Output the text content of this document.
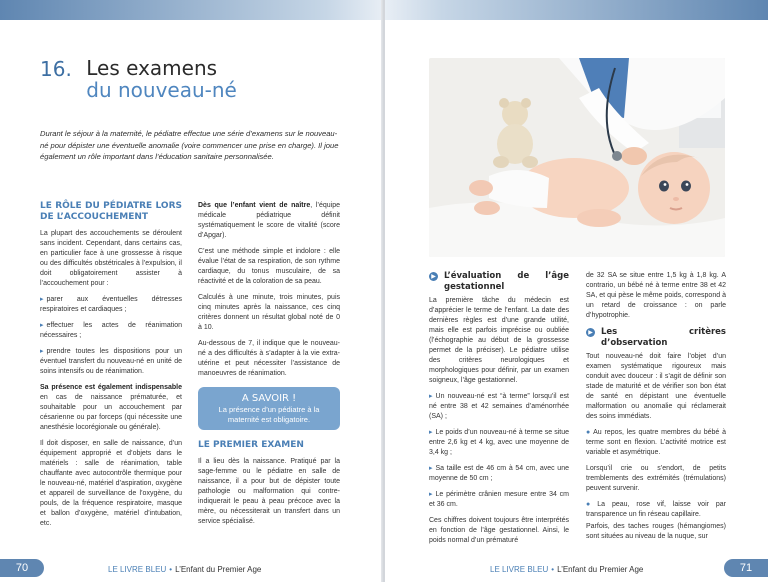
16. Les examens
du nouveau-né

Durant le séjour à la maternité, le pédiatre effectue une série d’examens sur le nouveau-né pour dépister une éventuelle anomalie (voire commencer une prise en charge). Il joue également un rôle important dans l’éducation sanitaire personnalisée.

LE RÔLE DU PÉDIATRE LORS DE L’ACCOUCHEMENT

La plupart des accouchements se déroulent sans incident. Cependant, dans certains cas, en particulier face à une grossesse à risque ou des difficultés obstétricales à l’expulsion, il doit obligatoirement assister à l’accouchement pour :

▸ parer aux éventuelles détresses respiratoires et cardiaques ;

▸ effectuer les actes de réanimation nécessaires ;

▸ prendre toutes les dispositions pour un éventuel transfert du nouveau-né en unité de soins intensifs ou de réanimation.

Sa présence est également indispensable en cas de naissance prématurée, et souhaitable pour un accouchement par césarienne ou par forceps (qui nécessite une anesthésie locorégionale ou générale).

Il doit disposer, en salle de naissance, d’un équipement approprié et d’objets dans le matériels : salle de réanimation, table chauffante avec autocontrôle thermique pour le nouveau-né, matériel d’aspiration, oxygène et appareil de surveillance de l’oxygène, du pouls, de la fréquence respiratoire, masque et ballon d’oxygène, matériel d’intubation, etc.

Dès que l’enfant vient de naître, l’équipe médicale pédiatrique définit systématiquement le score de vitalité (score d’Apgar).

C’est une méthode simple et indolore : elle évalue l’état de sa respiration, de son rythme cardiaque, du tonus musculaire, de sa réactivité et de la coloration de sa peau.

Calculés à une minute, trois minutes, puis cinq minutes après la naissance, ces cinq critères donnent un résultat global noté de 0 à 10.

Au-dessous de 7, il indique que le nouveau-né a des difficultés à s’adapter à la vie extra-utérine et peut nécessiter l’assistance de manoeuvres de réanimation.

A SAVOIR !
La présence d’un pédiatre à la maternité est obligatoire.
LE PREMIER EXAMEN

Il a lieu dès la naissance. Pratiqué par la sage-femme ou le pédiatre en salle de naissance, il a pour but de dépister toute pathologie ou malformation qui contre-indiquerait le peau à peau précoce avec la mère, ou nécessiterait un transfert dans un service spécialisé.

70	LE LIVRE BLEU • L’Enfant du Premier Age
▶ L’évaluation de l’âge gestationnel

La première tâche du médecin est d’apprécier le terme de l’enfant. La date des dernières règles est d’une grande utilité, mais elle est parfois imprécise ou oubliée (l’échographie au début de la grossesse permet de la préciser). Le pédiatre utilise des critères neurologiques et morphologiques pour définir, par un examen soigneux, l’âge gestationnel.

▸ Un nouveau-né est “à terme” lorsqu’il est né entre 38 et 42 semaines d’aménorrhée (SA) ;

▸ Le poids d’un nouveau-né à terme se situe entre 2,6 kg et 4 kg, avec une moyenne de 3,4 kg ;

▸ Sa taille est de 46 cm à 54 cm, avec une moyenne de 50 cm ;

▸ Le périmètre crânien mesure entre 34 cm et 36 cm.

Ces chiffres doivent toujours être interprétés en fonction de l’âge gestationnel. Ainsi, le poids normal d’un prématuré

de 32 SA se situe entre 1,5 kg à 1,8 kg. A contrario, un bébé né à terme entre 38 et 42 SA, et qui pèse le même poids, correspond à un retard de croissance : on parle d’hypotrophie.

▶ Les critères d’observation

Tout nouveau-né doit faire l’objet d’un examen systématique rigoureux mais conduit avec douceur : il s’agit de définir son stade de maturité et de vérifier son bon état de santé en dépistant une éventuelle malformation ou anomalie qui réclamerait des soins immédiats.

● Au repos, les quatre membres du bébé à terme sont en flexion. L’activité motrice est variable et asymétrique.

Lorsqu’il crie ou s’endort, de petits tremblements des extrémités (trémulations) peuvent survenir.

● La peau, rose vif, laisse voir par transparence un fin réseau capillaire.

Parfois, des taches rouges (hémangiomes) sont situées au niveau de la nuque, sur

LE LIVRE BLEU • L’Enfant du Premier Age	71
